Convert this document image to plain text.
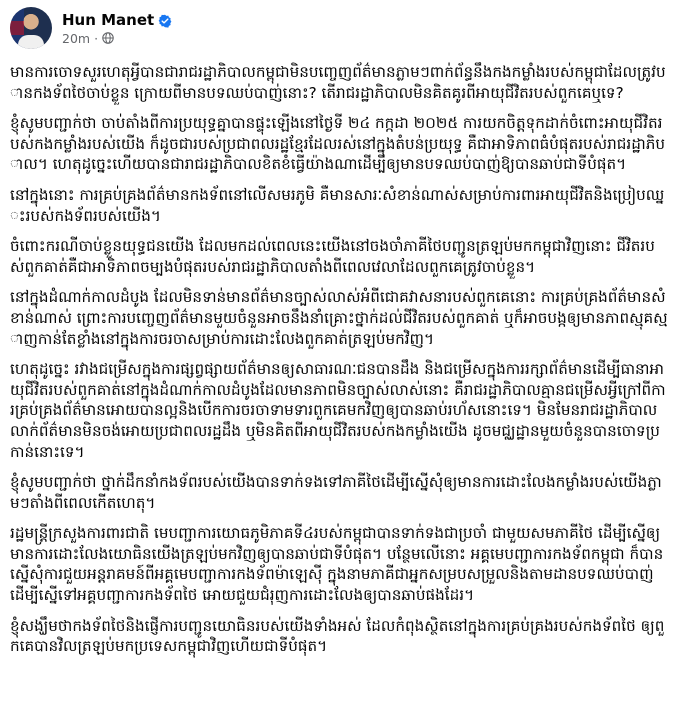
Hun Manet
20m ·

មានការចោទសួរហេតុអ្វីបានជារាជរដ្ឋាភិបាលកម្ពុជាមិនបញ្ចេញព័ត៌មានភ្លាមៗពាក់ព័ន្ធនឹងកងកម្លាំងរបស់កម្ពុជាដែលត្រូវបានកងទ័ពថៃចាប់ខ្លួន ក្រោយពីមានបទឈប់បាញ់នោះ? តើរាជរដ្ឋាភិបាលមិនគិតគូរពីអាយុជីវិតរបស់ពួកគេឬទេ?

ខ្ញុំសូមបញ្ជាក់ថា ចាប់តាំងពីការប្រយុទ្ធគ្នាបានផ្ទុះឡើងនៅថ្ងៃទី ២៤ កក្កដា ២០២៥ ការយកចិត្តទុកដាក់ចំពោះអាយុជីវិតរបស់កងកម្លាំងរបស់យើង ក៏ដូចជារបស់ប្រជាពលរដ្ឋខ្មែរដែលរស់នៅក្នុងតំបន់ប្រយុទ្ធ គឺជាអាទិភាពធំបំផុតរបស់រាជរដ្ឋាភិបាល។ ហេតុដូច្នេះហើយបានជារាជរដ្ឋាភិបាលខិតខំធ្វើយ៉ាងណាដើម្បីឲ្យមានបទឈប់បាញ់ឱ្យបានឆាប់ជាទីបំផុត។

នៅក្នុងនោះ ការគ្រប់គ្រងព័ត៌មានកងទ័ពនៅលើសមរភូមិ គឺមានសារៈសំខាន់ណាស់សម្រាប់ការពារអាយុជីវិតនិងប្រៀបឈ្នះរបស់កងទ័ពរបស់យើង។

ចំពោះករណីចាប់ខ្លួនយុទ្ធជនយើង ដែលមកដល់ពេលនេះយើងនៅចងចាំភាគីថៃបញ្ជូនត្រឡប់មកកម្ពុជាវិញនោះ ជីវិតរបស់ពួកគាត់គឺជាអាទិភាពចម្បងបំផុតរបស់រាជរដ្ឋាភិបាលតាំងពីពេលវេលាដែលពួកគេត្រូវចាប់ខ្លួន។

នៅក្នុងដំណាក់កាលដំបូង ដែលមិនទាន់មានព័ត៌មានច្បាស់លាស់អំពីជោគវាសនារបស់ពួកគេនោះ ការគ្រប់គ្រងព័ត៌មានសំខាន់ណាស់ ព្រោះការបញ្ចេញព័ត៌មានមួយចំនួនអាចនឹងនាំគ្រោះថ្នាក់ដល់ជីវិតរបស់ពួកគាត់ ឬក៏អាចបង្កឲ្យមានភាពស្មុគស្មាញកាន់តែខ្លាំងនៅក្នុងការចរចាសម្រាប់ការដោះលែងពួកគាត់ត្រឡប់មកវិញ។

ហេតុដូច្នេះ រវាងជម្រើសក្នុងការផ្សព្វផ្សាយព័ត៌មានឲ្យសាធារណៈជនបានដឹង និងជម្រើសក្នុងការរក្សាព័ត៌មានដើម្បីធានាអាយុជីវិតរបស់ពួកគាត់នៅក្នុងដំណាក់កាលដំបូងដែលមានភាពមិនច្បាស់លាស់នោះ គឺរាជរដ្ឋាភិបាលគ្មានជម្រើសអ្វីក្រៅពីការគ្រប់គ្រងព័ត៌មានអោយបានល្អនិងបើកការចរចាទាមទារពួកគេមកវិញឲ្យបានឆាប់រហ័សនោះទេ។ មិនមែនរាជរដ្ឋាភិបាលលាក់ព័ត៌មានមិនចង់អោយប្រជាពលរដ្ឋដឹង ឬមិនគិតពីអាយុជីវិតរបស់កងកម្លាំងយើង ដូចមជ្ឈដ្ឋានមួយចំនួនបានចោទប្រកាន់នោះទេ។

ខ្ញុំសូមបញ្ជាក់ថា ថ្នាក់ដឹកនាំកងទ័ពរបស់យើងបានទាក់ទងទៅភាគីថៃដើម្បីស្នើសុំឲ្យមានការដោះលែងកម្លាំងរបស់យើងភ្លាមៗតាំងពីពេលកើតហេតុ។

រដ្ឋមន្ត្រីក្រសួងការពារជាតិ មេបញ្ជាការយោធភូមិភាគទី៤របស់កម្ពុជាបានទាក់ទងជាប្រចាំ ជាមួយសមភាគីថៃ ដើម្បីស្នើឲ្យមានការដោះលែងយោធិនយើងត្រឡប់មកវិញឲ្យបានឆាប់ជាទីបំផុត។ បន្ថែមលើនោះ អគ្គមេបញ្ជាការកងទ័ពកម្ពុជា ក៏បានស្នើសុំការជួយអន្តរាគមន៍ពីអគ្គមេបញ្ជាការកងទ័ពម៉ាឡេស៊ី ក្នុងនាមភាគីជាអ្នកសម្របសម្រួលនិងតាមដានបទឈប់បាញ់ ដើម្បីស្នើទៅអគ្គបញ្ជាការកងទ័ពថៃ អោយជួយជំរុញការដោះលែងឲ្យបានឆាប់ផងដែរ។

ខ្ញុំសង្ឃឹមថាកងទ័ពថៃនិងផ្ញើការបញ្ជូនយោធិនរបស់យើងទាំងអស់ ដែលកំពុងស្ថិតនៅក្នុងការគ្រប់គ្រងរបស់កងទ័ពថៃ ឲ្យពួកគេបានវិលត្រឡប់មកប្រទេសកម្ពុជាវិញហើយជាទីបំផុត។
